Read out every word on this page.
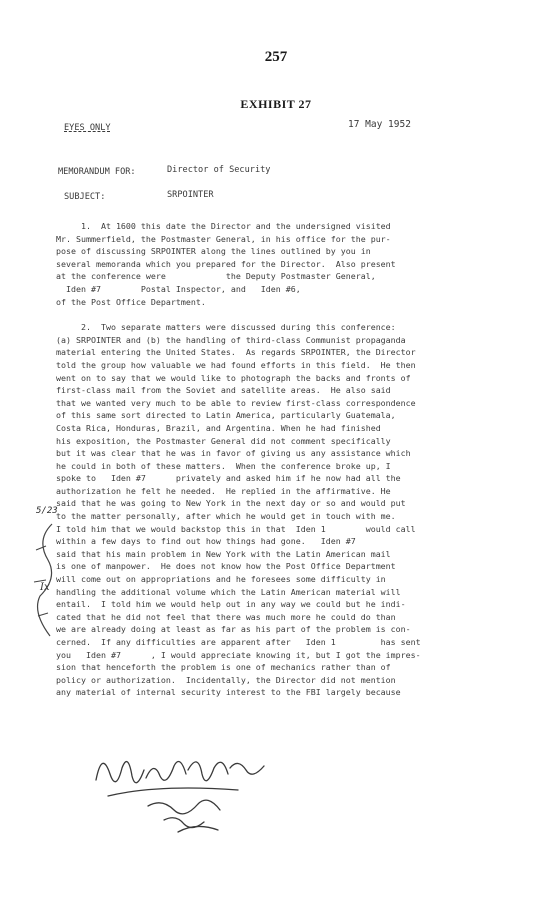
257
EXHIBIT 27
EYES ONLY	17 May 1952
MEMORANDUM FOR:	Director of Security
SUBJECT:	SRPOINTER
1.  At 1600 this date the Director and the undersigned visited
Mr. Summerfield, the Postmaster General, in his office for the pur-
pose of discussing SRPOINTER along the lines outlined by you in
several memoranda which you prepared for the Director.  Also present
at the conference were            the Deputy Postmaster General,
Iden #7        Postal Inspector, and   Iden #6,
of the Post Office Department.
2.  Two separate matters were discussed during this conference:
(a) SRPOINTER and (b) the handling of third-class Communist propaganda
material entering the United States.  As regards SRPOINTER, the Director
told the group how valuable we had found efforts in this field.  He then
went on to say that we would like to photograph the backs and fronts of
first-class mail from the Soviet and satellite areas.  He also said
that we wanted very much to be able to review first-class correspondence
of this same sort directed to Latin America, particularly Guatemala,
Costa Rica, Honduras, Brazil, and Argentina. When he had finished
his exposition, the Postmaster General did not comment specifically
but it was clear that he was in favor of giving us any assistance which
he could in both of these matters.  When the conference broke up, I
spoke to   Iden #7      privately and asked him if he now had all the
authorization he felt he needed.  He replied in the affirmative. He
said that he was going to New York in the next day or so and would put
to the matter personally, after which he would get in touch with me.
I told him that we would backstop this in that  Iden 1        would call
within a few days to find out how things had gone.   Iden #7
said that his main problem in New York with the Latin American mail
is one of manpower.  He does not know how the Post Office Department
will come out on appropriations and he foresees some difficulty in
handling the additional volume which the Latin American material will
entail.  I told him we would help out in any way we could but he indi-
cated that he did not feel that there was much more he could do than
we are already doing at least as far as his part of the problem is con-
cerned.  If any difficulties are apparent after   Iden 1         has sent
you   Iden #7      , I would appreciate knowing it, but I got the impres-
sion that henceforth the problem is one of mechanics rather than of
policy or authorization.  Incidentally, the Director did not mention
any material of internal security interest to the FBI largely because
5/23
Ix
Richard Helms
